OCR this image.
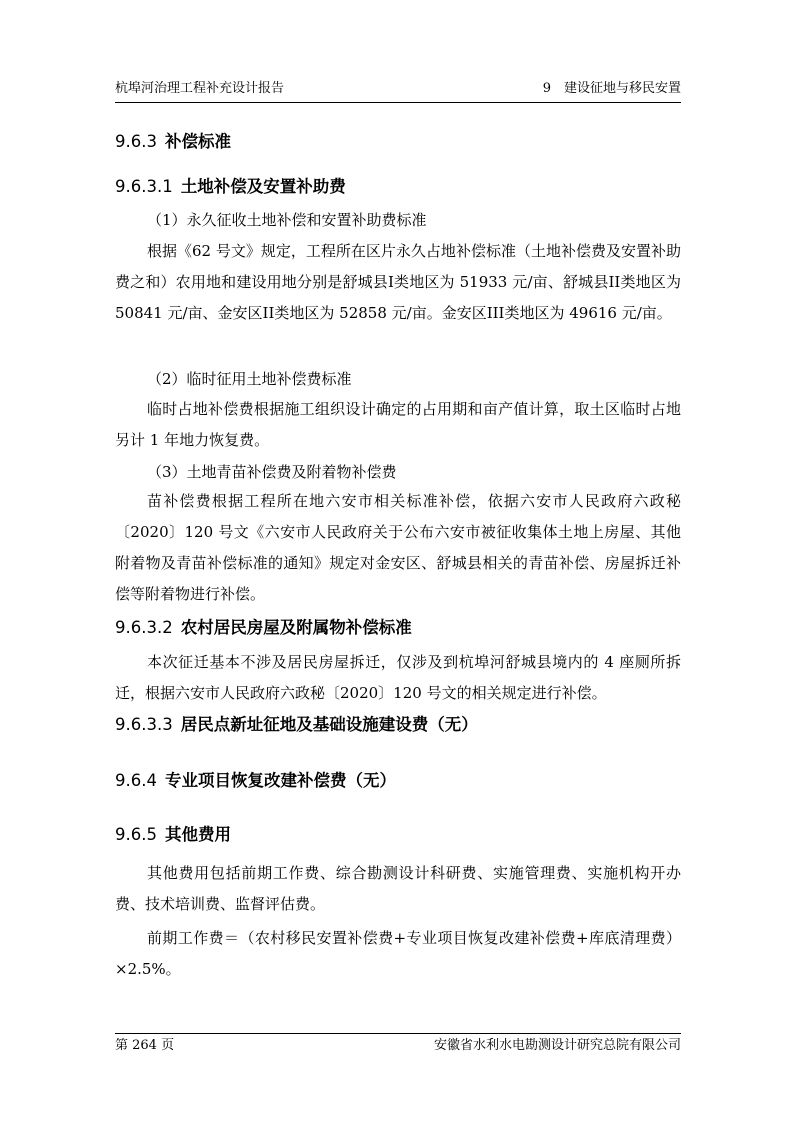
杭埠河治理工程补充设计报告	9　建设征地与移民安置
9.6.3 补偿标准
9.6.3.1 土地补偿及安置补助费

（1）永久征收土地补偿和安置补助费标准

根据《62 号文》规定，工程所在区片永久占地补偿标准（土地补偿费及安置补助费之和）农用地和建设用地分别是舒城县I类地区为 51933 元/亩、舒城县II类地区为 50841 元/亩、金安区II类地区为 52858 元/亩。金安区III类地区为 49616 元/亩。

（2）临时征用土地补偿费标准

临时占地补偿费根据施工组织设计确定的占用期和亩产值计算，取土区临时占地另计 1 年地力恢复费。

（3）土地青苗补偿费及附着物补偿费

苗补偿费根据工程所在地六安市相关标准补偿，依据六安市人民政府六政秘〔2020〕120 号文《六安市人民政府关于公布六安市被征收集体土地上房屋、其他附着物及青苗补偿标准的通知》规定对金安区、舒城县相关的青苗补偿、房屋拆迁补偿等附着物进行补偿。

9.6.3.2 农村居民房屋及附属物补偿标准

本次征迁基本不涉及居民房屋拆迁，仅涉及到杭埠河舒城县境内的 4 座厕所拆迁，根据六安市人民政府六政秘〔2020〕120 号文的相关规定进行补偿。

9.6.3.3 居民点新址征地及基础设施建设费（无）
9.6.4 专业项目恢复改建补偿费（无）
9.6.5 其他费用

其他费用包括前期工作费、综合勘测设计科研费、实施管理费、实施机构开办费、技术培训费、监督评估费。

前期工作费＝（农村移民安置补偿费+专业项目恢复改建补偿费+库底清理费）×2.5%。

第 264 页	安徽省水利水电勘测设计研究总院有限公司
